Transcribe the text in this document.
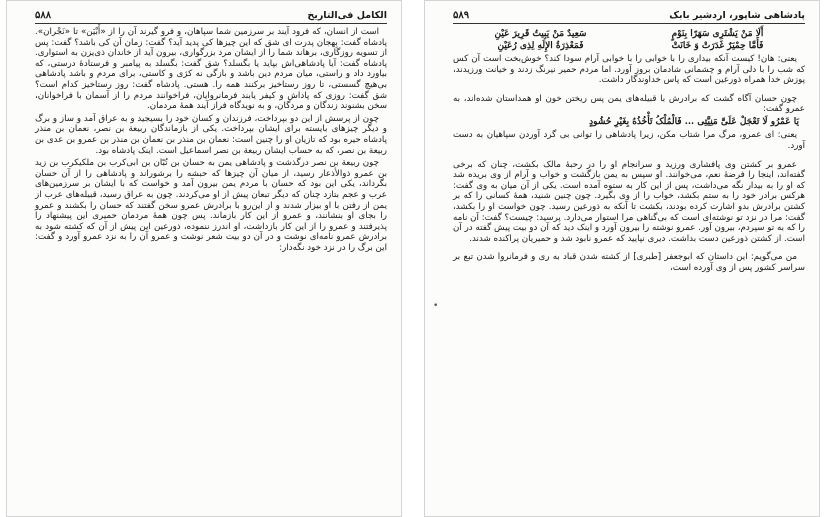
الکامل فی‌التاریخ
۵۸۸

است از انسان، که فرود آیند بر سرزمین شما سپاهان، و فرو گیرند آن را از «أَبْیَن» تا «نَجْران». پادشاه گفت: بِهجان پدرت ای شق که این چیزها کی پدید آید؟ گفت: زمان آن کی باشد؟ گفت: پس از تسویه روزگاری، برهاند شما را از ایشان مرد بزرگواری، بیرون آید از خاندان ذی‌یزن به استواری. پادشاه گفت: آیا پادشاهی‌اش بپاید یا بگسلد؟ شق گفت: بگسلد به پیامبر و فرستادهٔ درستی، که بیاورد داد و راستی، میان مردم دین باشد و بازگی نه کژی و کاستی، برای مردم و باشد پادشاهی بی‌هیچ گسستی، تا روز رستاخیز برکنند همه را. هستی. پادشاه گفت: روز رستاخیز کدام است؟ شق گفت: روزی که پاداش و کیفر یابند فرمانروایان، فراخوانند مردم را از آسمان با فراخوانان، سخن بشنوند زندگان و مردگان، و به نویدگاه فراز آیند همهٔ مردمان.

چون از پرسش از این دو بپرداخت، فرزندان و کسان خود را بسیجید و به عراق آمد و ساز و برگ و دیگر چیزهای بایسته برای ایشان بپرداخت. یکی از بازماندگان ربیعة بن نصر، نعمان بن منذر پادشاه حیره بود که تازیان او را چنین است: نعمان بن منذر بن نعمان بن منذر بن عمرو بن عدی بن ربیعة بن نصر، که به حساب ایشان ربیعة بن نصر اسماعیل است. اینک پادشاه بود.

چون ربیعة بن نصر درگذشت و پادشاهی یمن به حسان بن تُبّان بن ابی‌کرب بن ملکیکرب بن زید بن عمرو ذوالأذعار رسید، از میان آن چیزها که حبشه را برشوراند و پادشاهی را از آن حسان بگرداند، یکی این بود که حسان با مردم یمن بیرون آمد و خواست که با ایشان بر سرزمین‌های عرب و عجم بتازد چنان که دیگر تبعان پیش از او می‌کردند. چون به عراق رسید، قبیله‌های عرب از یمن از رفتن با او بیزار شدند و از این‌رو با برادرش عمرو سخن گفتند که حسان را بکشند و عمرو را بجای او بنشانند، و عمرو از این کار بازماند. پس چون همهٔ مردمان حمیری این پیشنهاد را پذیرفتند و عمرو را از این کار بازداشت، او اندرز ننموده، ذورعین این پیش از آن که کشته شود به برادرش عمرو نامه‌ای نوشت و در آن دو بیت شعر نوشت و عمرو آن را به نزد عمرو آورد و گفت: این برگ را در نزد خود نگه‌دار:

پادشاهی شاپور، اردشیر بابک
۵۸۹
•
أَلَا مَنْ یَشْتَرِی سَهَرًا بِنَوْمٍ
سَعِیدٌ مَنْ یَبِیتُ قَرِیرَ عَیْنِ
فَأَمَّا حِمْیَرٌ غَدَرَتْ وَ خَانَتْ
فَمَعْذِرَةُ الإِلَهِ لِذِی رُعَیْنِ

یعنی: هان! کیست آنکه بیداری را با خوابی را با خوابی آرام سودا کند؟ خوش‌بخت است آن کس که شب را با دلی آرام و چشمانی شادمان بروز آورد. اما مردم حمیر نیرنگ زدند و خیانت ورزیدند، پوزش خدا همراه ذورعین است که پاس خداوندگار داشت.

چون حسان آگاه گشت که برادرش با قبیله‌های یمن پس ریختن خون او همداستان شده‌اند، به عمرو گفت:

یَا عَمْرُو لَا تَعْجَلْ عَلَیَّ مَنِیَّتِی ... فَالْمُلْکُ تَأْخُذُهُ بِغَیْرِ حُشُودٍ

یعنی: ای عمرو، مرگ مرا شتاب مکن، زیرا پادشاهی را توانی بی گرد آوردن سپاهیان به دست آورد.

عمرو بر کشتن وی پافشاری ورزید و سرانجام او را در رحبهٔ مالک بکشت، چنان که برخی گفته‌اند، اینجا را فرضهٔ نعم، می‌خوانند. او سپس به یمن بازگشت و خواب و آرام از وی بریده شد که او را به بیدار نگه می‌داشت، پس از این کار به ستوه آمده است. یکی از آن میان به وی گفت: هرکس برادر خود را به ستم بکشد، خواب را از وی بگیرد. چون چنین شنید، همهٔ کسانی را که بر کشتن برادرش بدو اشارت کرده بودند، بکشت تا آنکه به ذورعین رسید. چون خواست او را بکشد، گفت: مرا در نزد تو نوشته‌ای است که بی‌گناهی مرا استوار می‌دارد. پرسید: چیست؟ گفت: آن نامه را که به تو سپردم، بیرون آور. عمرو نوشته را بیرون آورد و اینک دید که آن دو بیت پیش گفته در آن است. از کشتن ذورعین دست بداشت. دیری نپایید که عمرو نابود شد و حمیریان پراکنده شدند.

من می‌گویم: این داستان که ابوجعفر [طبری] از کشته شدن قباد به ری و فرمانروا شدن تبع بر سراسر کشور پس از وی آورده است،
